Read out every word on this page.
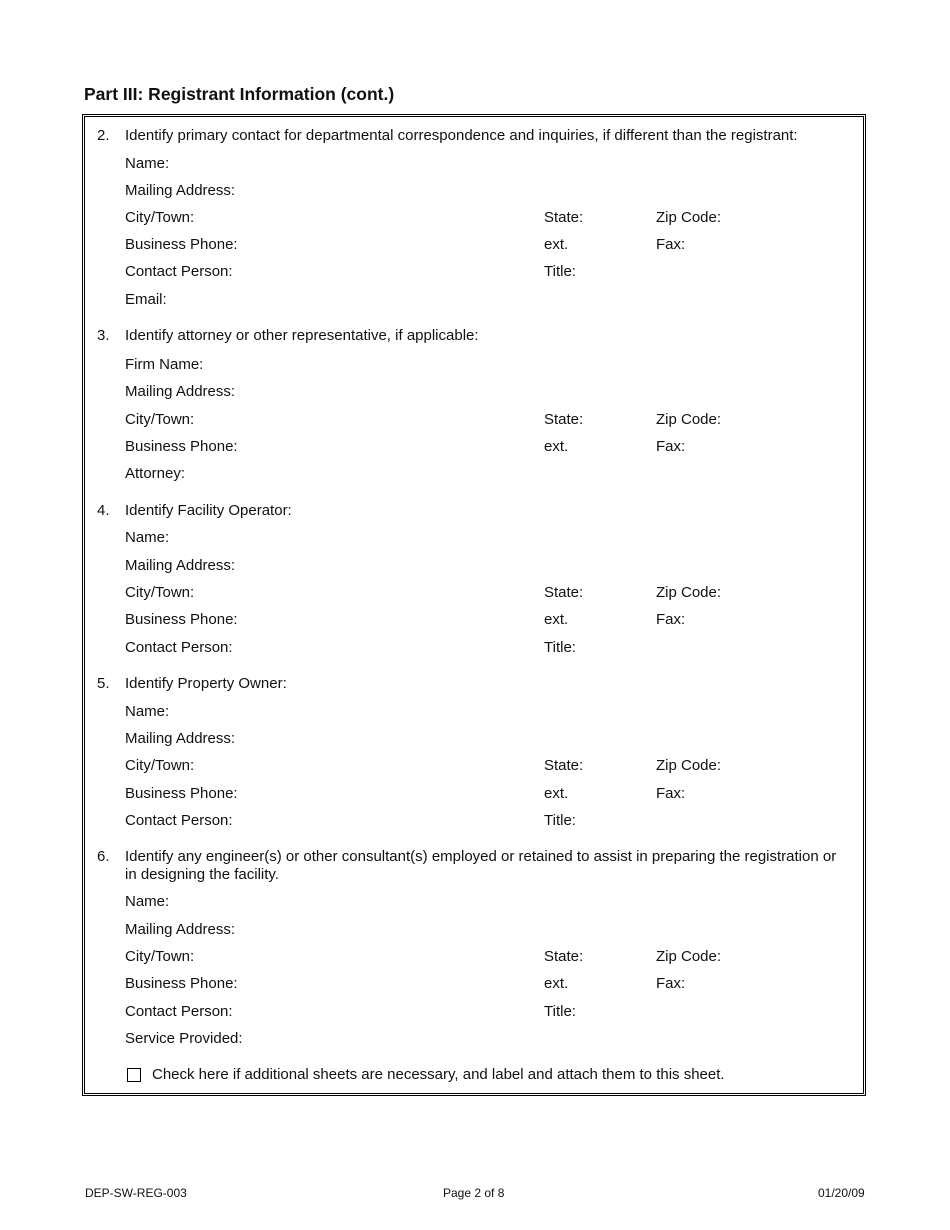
Part III: Registrant Information (cont.)
2. Identify primary contact for departmental correspondence and inquiries, if different than the registrant:
Name:
Mailing Address:
City/Town:	State:	Zip Code:
Business Phone:	ext.	Fax:
Contact Person:	Title:
Email:
3. Identify attorney or other representative, if applicable:
Firm Name:
Mailing Address:
City/Town:	State:	Zip Code:
Business Phone:	ext.	Fax:
Attorney:
4. Identify Facility Operator:
Name:
Mailing Address:
City/Town:	State:	Zip Code:
Business Phone:	ext.	Fax:
Contact Person:	Title:
5. Identify Property Owner:
Name:
Mailing Address:
City/Town:	State:	Zip Code:
Business Phone:	ext.	Fax:
Contact Person:	Title:
6. Identify any engineer(s) or other consultant(s) employed or retained to assist in preparing the registration or in designing the facility.
Name:
Mailing Address:
City/Town:	State:	Zip Code:
Business Phone:	ext.	Fax:
Contact Person:	Title:
Service Provided:
Check here if additional sheets are necessary, and label and attach them to this sheet.
DEP-SW-REG-003	Page 2 of 8	01/20/09
